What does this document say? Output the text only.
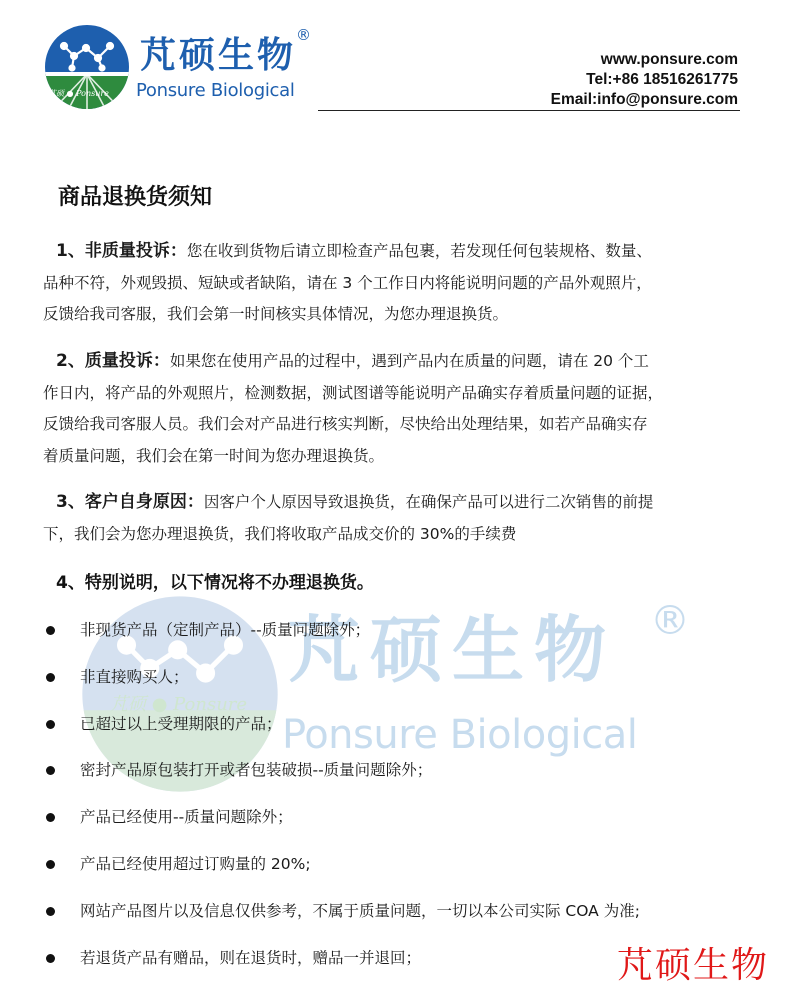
芃硕 ● Ponsure
芃硕生物 ®
Ponsure Biological
www.ponsure.com
Tel:+86 18516261775
Email:info@ponsure.com
芃硕 ● Ponsure
芃硕生物 ®
Ponsure Biological
商品退换货须知
1、非质量投诉：您在收到货物后请立即检查产品包裹，若发现任何包装规格、数量、
品种不符，外观毁损、短缺或者缺陷，请在 3 个工作日内将能说明问题的产品外观照片，
反馈给我司客服，我们会第一时间核实具体情况，为您办理退换货。
2、质量投诉：如果您在使用产品的过程中，遇到产品内在质量的问题，请在 20 个工
作日内，将产品的外观照片，检测数据，测试图谱等能说明产品确实存着质量问题的证据，
反馈给我司客服人员。我们会对产品进行核实判断，尽快给出处理结果，如若产品确实存
着质量问题，我们会在第一时间为您办理退换货。
3、客户自身原因：因客户个人原因导致退换货，在确保产品可以进行二次销售的前提
下，我们会为您办理退换货，我们将收取产品成交价的 30%的手续费
4、特别说明，以下情况将不办理退换货。
非现货产品（定制产品）--质量问题除外；
非直接购买人；
已超过以上受理期限的产品；
密封产品原包装打开或者包装破损--质量问题除外；
产品已经使用--质量问题除外；
产品已经使用超过订购量的 20%;
网站产品图片以及信息仅供参考，不属于质量问题，一切以本公司实际 COA 为准;
若退货产品有赠品，则在退货时，赠品一并退回；	芃硕生物
